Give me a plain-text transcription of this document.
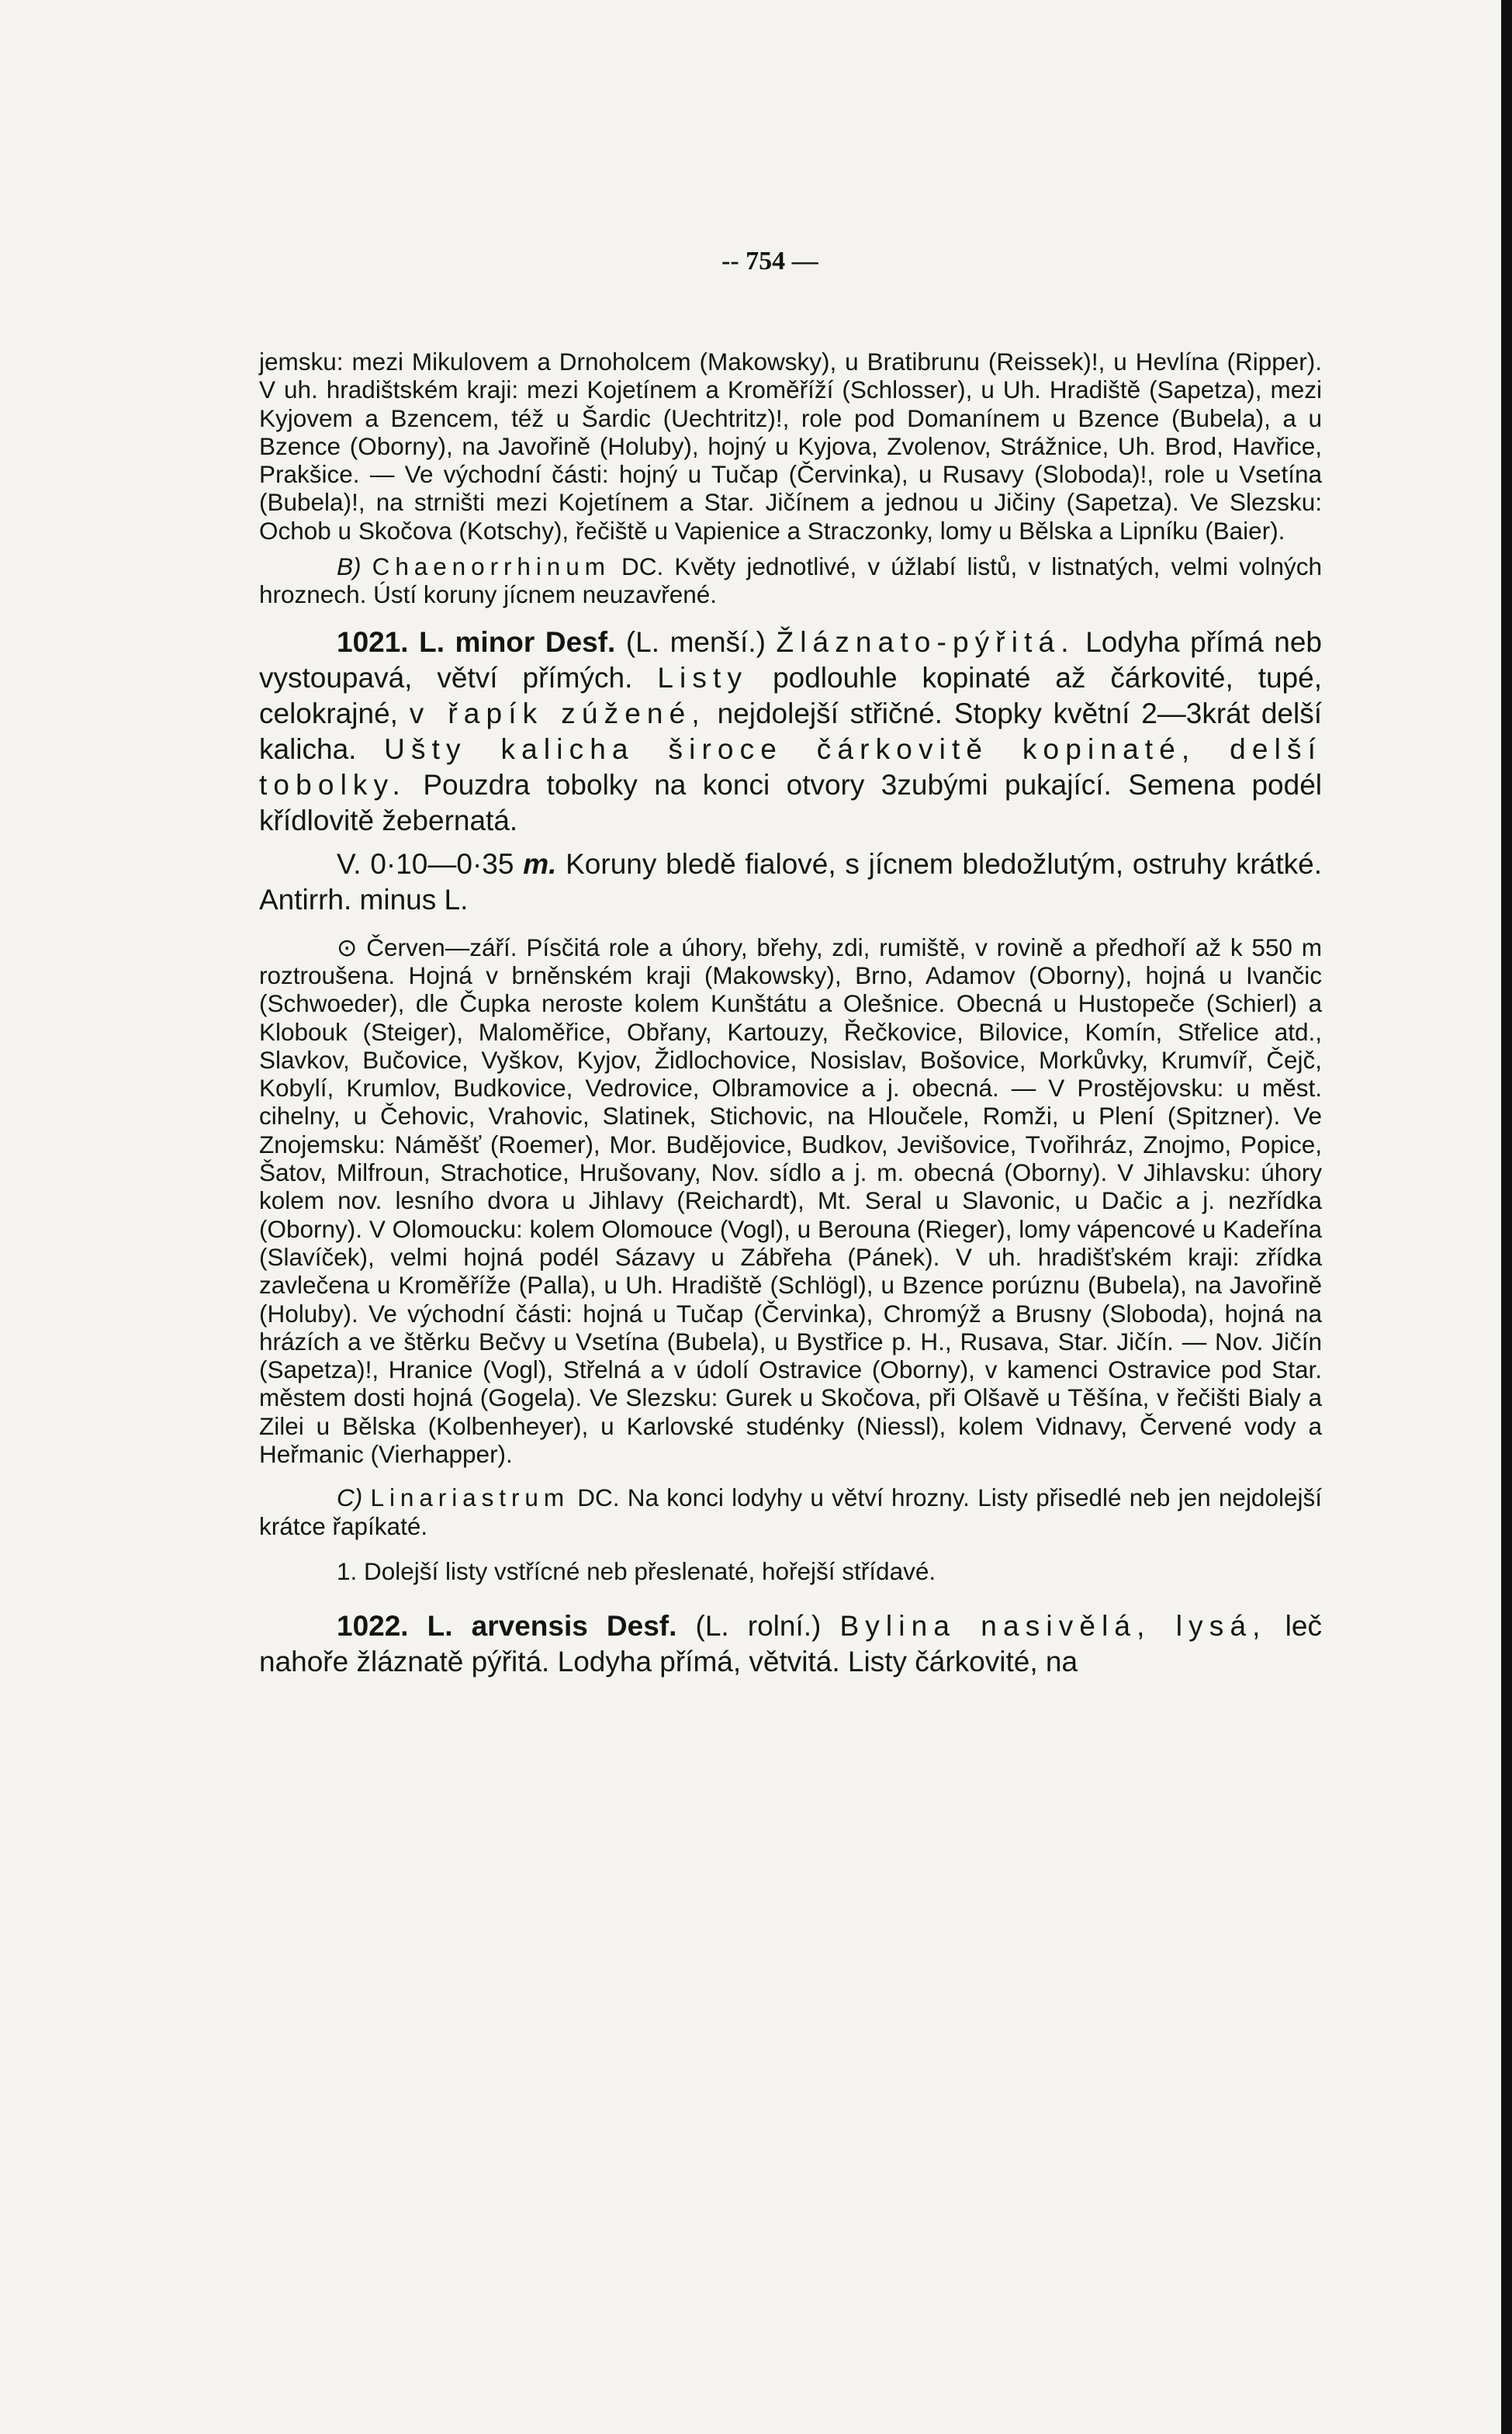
-- 754 —

jemsku: mezi Mikulovem a Drnoholcem (Makowsky), u Bratibrunu (Reissek)!, u Hevlína (Ripper). V uh. hradištském kraji: mezi Kojetínem a Kroměříží (Schlosser), u Uh. Hradiště (Sapetza), mezi Kyjovem a Bzencem, též u Šardic (Uechtritz)!, role pod Domanínem u Bzence (Bubela), a u Bzence (Oborny), na Javořině (Holuby), hojný u Kyjova, Zvolenov, Strážnice, Uh. Brod, Havřice, Prakšice. — Ve východní části: hojný u Tučap (Červinka), u Rusavy (Sloboda)!, role u Vsetína (Bubela)!, na strništi mezi Kojetínem a Star. Jičínem a jednou u Jičiny (Sapetza). Ve Slezsku: Ochob u Skočova (Kotschy), řečiště u Vapienice a Straczonky, lomy u Bělska a Lipníku (Baier).

B) Chaenorrhinum DC. Květy jednotlivé, v úžlabí listů, v listnatých, velmi volných hroznech. Ústí koruny jícnem neuzavřené.

1021. L. minor Desf. (L. menší.) Žláznato-pýřitá. Lodyha přímá neb vystoupavá, větví přímých. Listy podlouhle kopinaté až čárkovité, tupé, celokrajné, v řapík zúžené, nejdolejší střičné. Stopky květní 2—3krát delší kalicha. Ušty kalicha široce čárkovitě kopinaté, delší tobolky. Pouzdra tobolky na konci otvory 3zubými pukající. Semena podél křídlovitě žebernatá.

V. 0·10—0·35 m. Koruny bledě fialové, s jícnem bledožlutým, ostruhy krátké. Antirrh. minus L.

⊙ Červen—září. Písčitá role a úhory, břehy, zdi, rumiště, v rovině a předhoří až k 550 m roztroušena. Hojná v brněnském kraji (Makowsky), Brno, Adamov (Oborny), hojná u Ivančic (Schwoeder), dle Čupka neroste kolem Kunštátu a Olešnice. Obecná u Hustopeče (Schierl) a Klobouk (Steiger), Maloměřice, Obřany, Kartouzy, Řečkovice, Bilovice, Komín, Střelice atd., Slavkov, Bučovice, Vyškov, Kyjov, Židlochovice, Nosislav, Bošovice, Morkůvky, Krumvíř, Čejč, Kobylí, Krumlov, Budkovice, Vedrovice, Olbramovice a j. obecná. — V Prostějovsku: u měst. cihelny, u Čehovic, Vrahovic, Slatinek, Stichovic, na Hloučele, Romži, u Plení (Spitzner). Ve Znojemsku: Náměšť (Roemer), Mor. Budějovice, Budkov, Jevišovice, Tvořihráz, Znojmo, Popice, Šatov, Milfroun, Strachotice, Hrušovany, Nov. sídlo a j. m. obecná (Oborny). V Jihlavsku: úhory kolem nov. lesního dvora u Jihlavy (Reichardt), Mt. Seral u Slavonic, u Dačic a j. nezřídka (Oborny). V Olomoucku: kolem Olomouce (Vogl), u Berouna (Rieger), lomy vápencové u Kadeřína (Slavíček), velmi hojná podél Sázavy u Zábřeha (Pánek). V uh. hradišťském kraji: zřídka zavlečena u Kroměříže (Palla), u Uh. Hradiště (Schlögl), u Bzence porúznu (Bubela), na Javořině (Holuby). Ve východní části: hojná u Tučap (Červinka), Chromýž a Brusny (Sloboda), hojná na hrázích a ve štěrku Bečvy u Vsetína (Bubela), u Bystřice p. H., Rusava, Star. Jičín. — Nov. Jičín (Sapetza)!, Hranice (Vogl), Střelná a v údolí Ostravice (Oborny), v kamenci Ostravice pod Star. městem dosti hojná (Gogela). Ve Slezsku: Gurek u Skočova, při Olšavě u Těšína, v řečišti Bialy a Zilei u Bělska (Kolbenheyer), u Karlovské studénky (Niessl), kolem Vidnavy, Červené vody a Heřmanic (Vierhapper).

C) Linariastrum DC. Na konci lodyhy u větví hrozny. Listy přisedlé neb jen nejdolejší krátce řapíkaté.

1. Dolejší listy vstřícné neb přeslenaté, hořejší střídavé.

1022. L. arvensis Desf. (L. rolní.) Bylina nasivělá, lysá, leč nahoře žláznatě pýřitá. Lodyha přímá, větvitá. Listy čárkovité, na
